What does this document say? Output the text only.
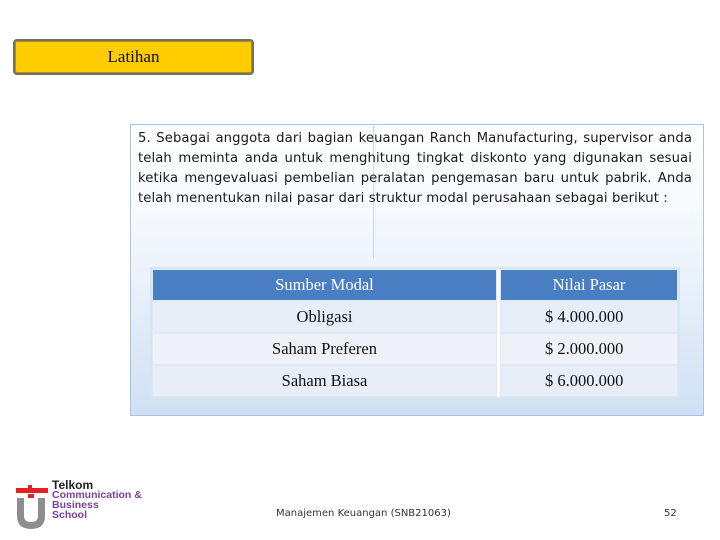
Latihan
5. Sebagai anggota dari bagian keuangan Ranch Manufacturing, supervisor anda telah meminta anda untuk menghitung tingkat diskonto yang digunakan sesuai ketika mengevaluasi pembelian peralatan pengemasan baru untuk pabrik. Anda telah menentukan nilai pasar dari struktur modal perusahaan sebagai berikut :
Sumber Modal		Nilai Pasar
Obligasi		$ 4.000.000
Saham Preferen		$ 2.000.000
Saham Biasa		$ 6.000.000
Telkom
Communication &
Business
School	Manajemen Keuangan (SNB21063)	52
